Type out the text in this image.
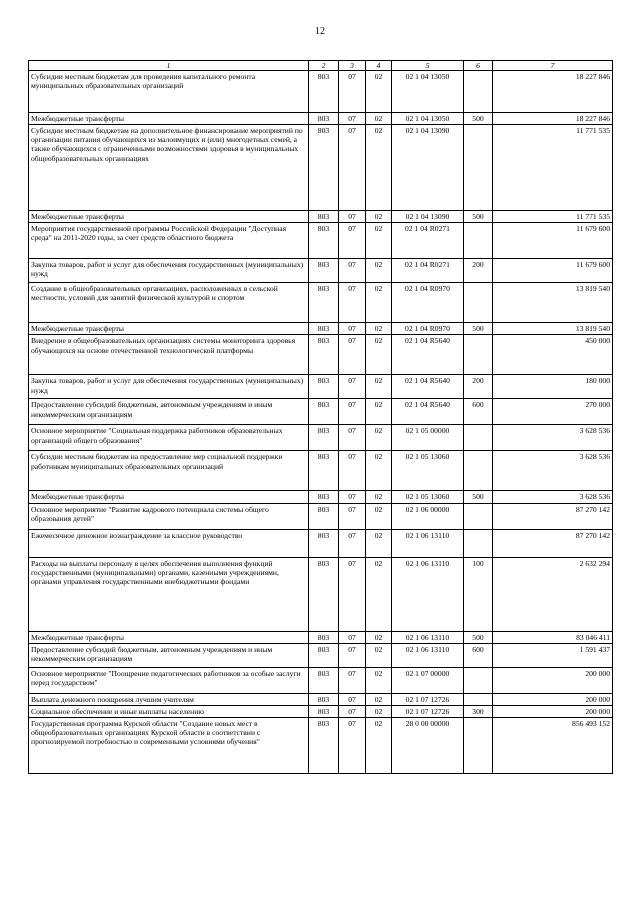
12
1	2	3	4	5	6	7
Субсидии местным бюджетам для проведения капитального ремонта муниципальных образовательных организаций	803	07	02	02 1 04 13050		18 227 846
Межбюджетные трансферты	803	07	02	02 1 04 13050	500	18 227 846
Субсидии местным бюджетам на дополнительное финансирование мероприятий по организации питания обучающихся из малоимущих и (или) многодетных семей, а также обучающихся с ограниченными возможностями здоровья в муниципальных общеобразовательных организациях	803	07	02	02 1 04 13090		11 771 535
Межбюджетные трансферты	803	07	02	02 1 04 13090	500	11 771 535
Мероприятия государственной программы Российской Федерации "Доступная среда" на 2011-2020 годы, за счет средств областного бюджета	803	07	02	02 1 04 R0271		11 679 600
Закупка товаров, работ и услуг для обеспечения государственных (муниципальных) нужд	803	07	02	02 1 04 R0271	200	11 679 600
Создание в общеобразовательных организациях, расположенных в сельской местности, условий для занятий физической культурой и спортом	803	07	02	02 1 04 R0970		13 819 540
Межбюджетные трансферты	803	07	02	02 1 04 R0970	500	13 819 540
Внедрение в общеобразовательных организациях системы мониторинга здоровья обучающихся на основе отечественной технологической платформы	803	07	02	02 1 04 R5640		450 000
Закупка товаров, работ и услуг для обеспечения государственных (муниципальных) нужд	803	07	02	02 1 04 R5640	200	180 000
Предоставление субсидий бюджетным, автономным учреждениям и иным некоммерческим организациям	803	07	02	02 1 04 R5640	600	270 000
Основное мероприятие "Социальная поддержка работников образовательных организаций общего образования"	803	07	02	02 1 05 00000		3 628 536
Субсидии местным бюджетам на предоставление мер социальной поддержки работникам муниципальных образовательных организаций	803	07	02	02 1 05 13060		3 628 536
Межбюджетные трансферты	803	07	02	02 1 05 13060	500	3 628 536
Основное мероприятие "Развитие кадрового потенциала системы общего образования детей"	803	07	02	02 1 06 00000		87 270 142
Ежемесячное денежное вознаграждение за классное руководство	803	07	02	02 1 06 13110		87 270 142
Расходы на выплаты персоналу в целях обеспечения выполнения функций государственными (муниципальными) органами, казенными учреждениями, органами управления государственными внебюджетными фондами	803	07	02	02 1 06 13110	100	2 632 294
Межбюджетные трансферты	803	07	02	02 1 06 13110	500	83 046 411
Предоставление субсидий бюджетным, автономным учреждениям и иным некоммерческим организациям	803	07	02	02 1 06 13110	600	1 591 437
Основное мероприятие "Поощрение педагогических работников за особые заслуги перед государством"	803	07	02	02 1 07 00000		200 000
Выплата денежного поощрения лучшим учителям	803	07	02	02 1 07 12726		200 000
Социальное обеспечение и иные выплаты населению	803	07	02	02 1 07 12726	300	200 000
Государственная программа Курской области "Создание новых мест в общеобразовательных организациях Курской области в соответствии с прогнозируемой потребностью и современными условиями обучения"	803	07	02	28 0 00 00000		856 493 152
